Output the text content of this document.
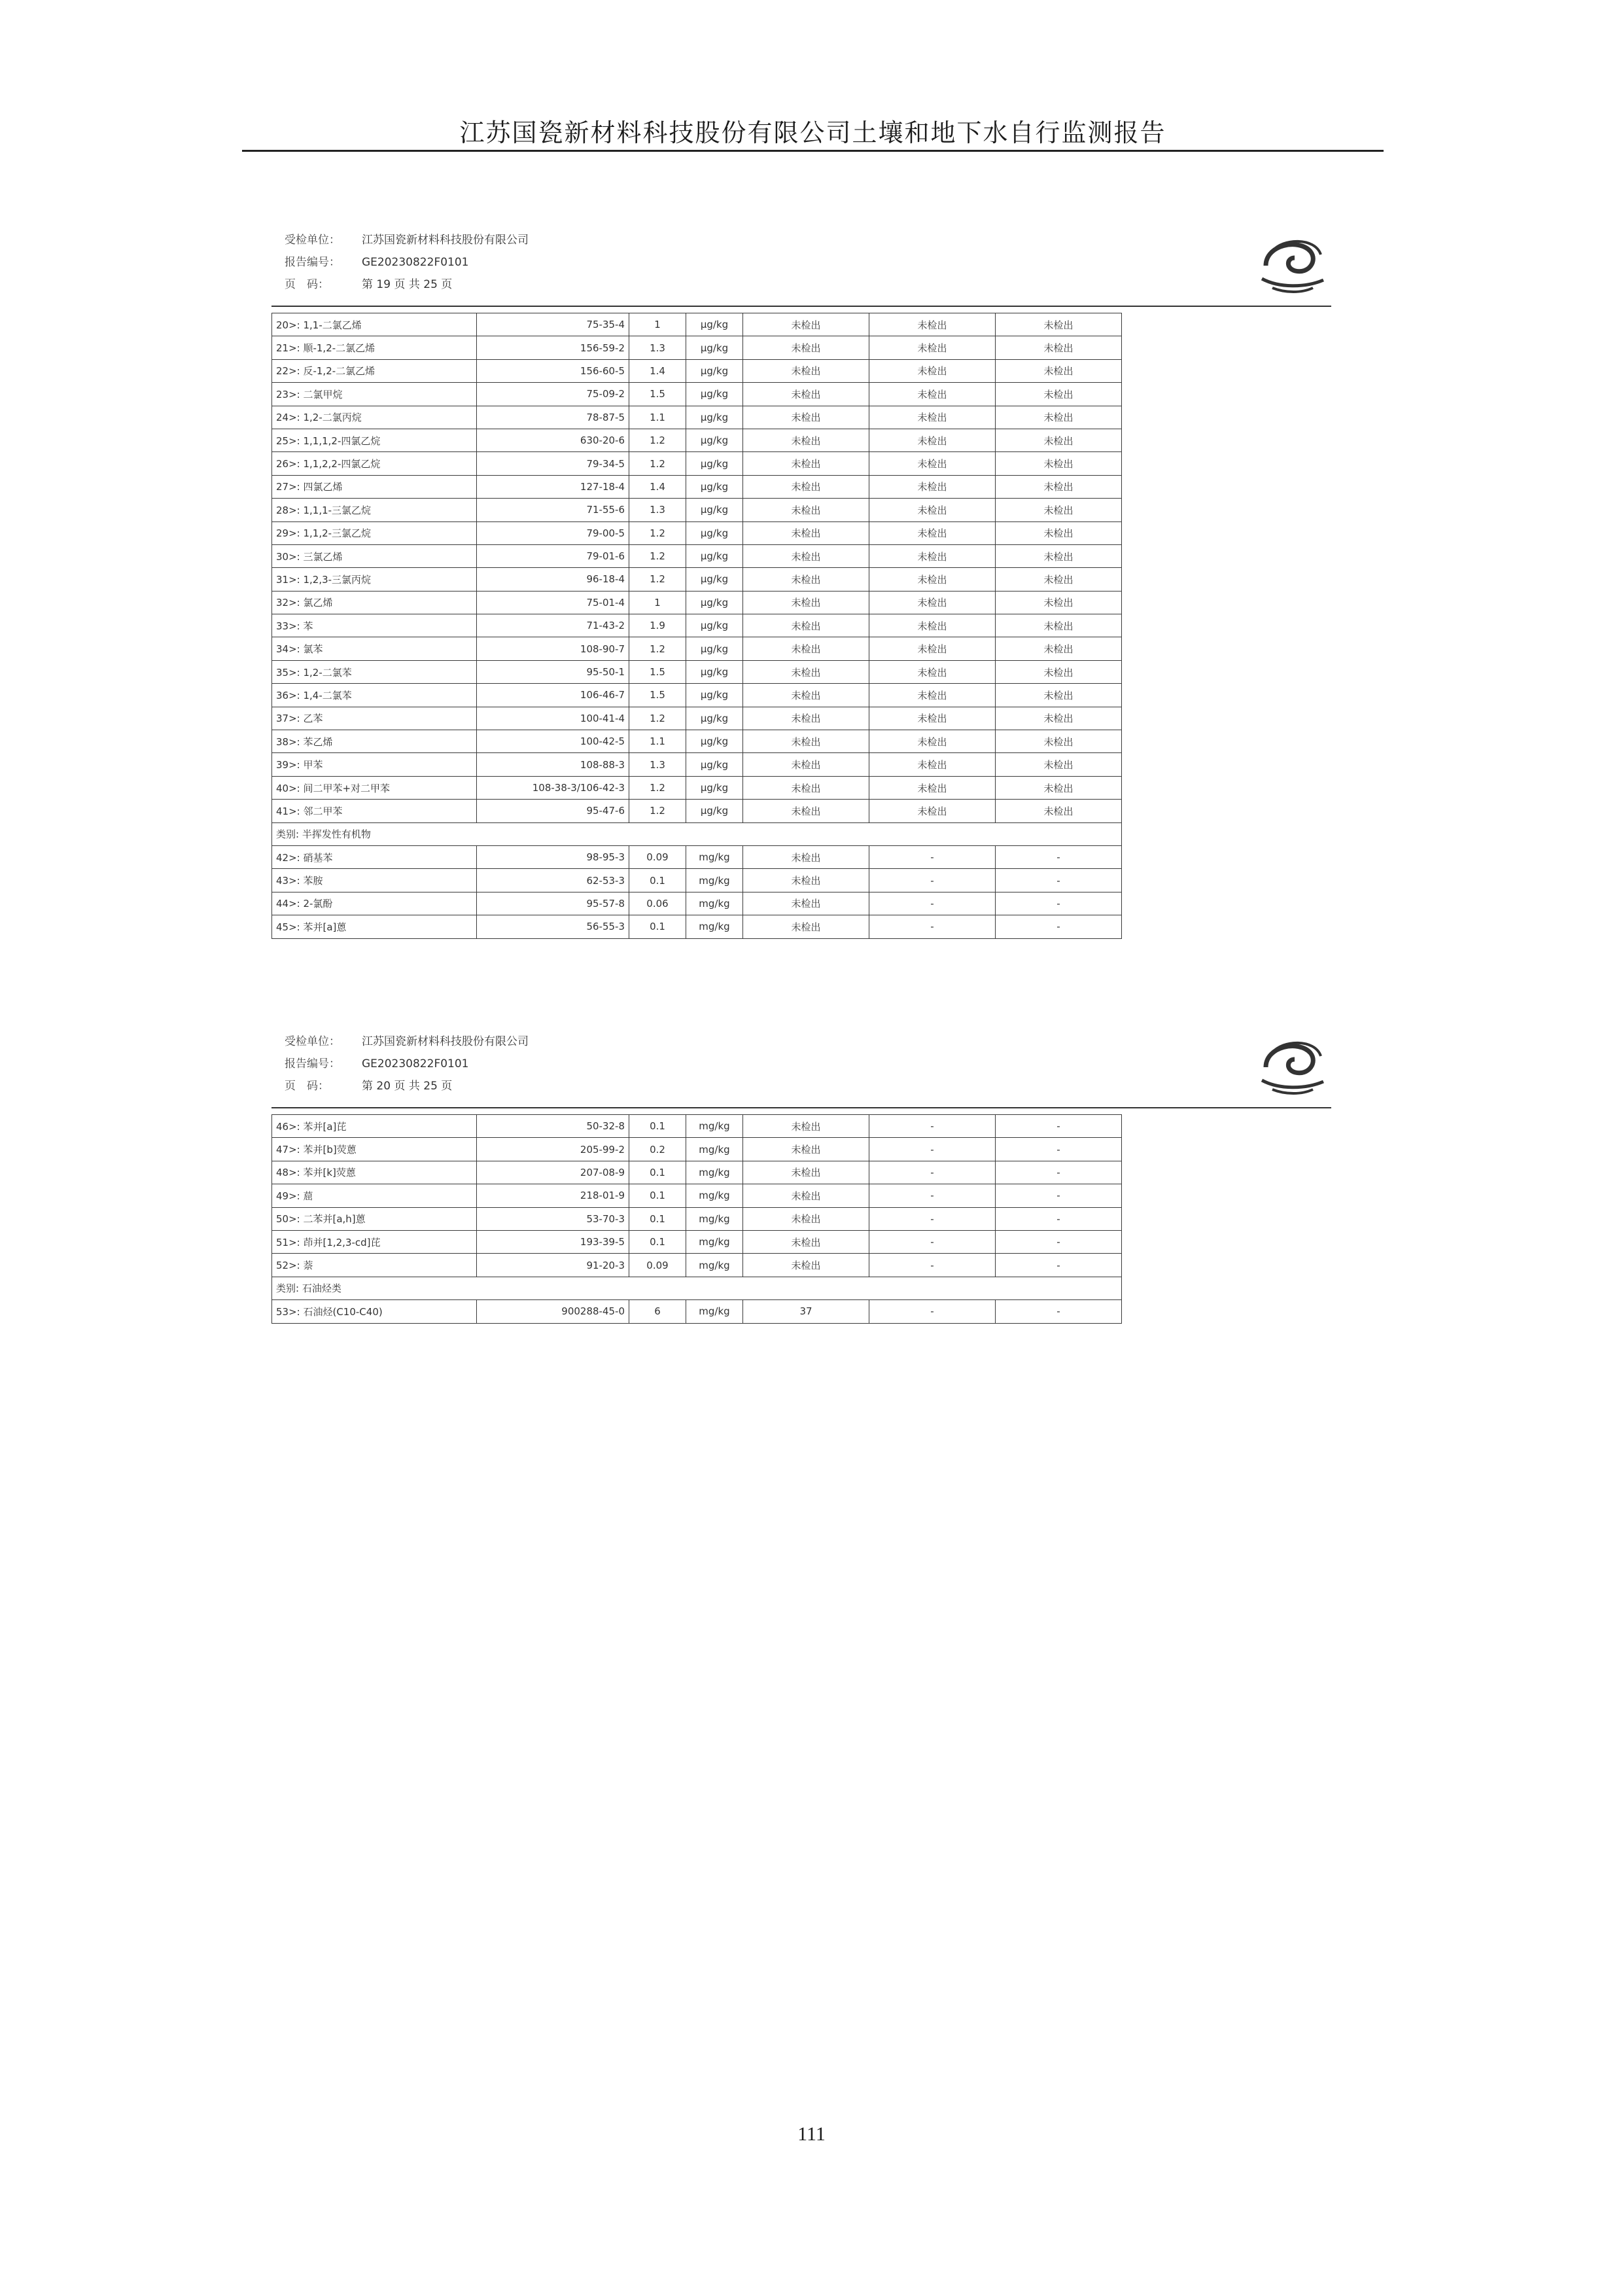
江苏国瓷新材料科技股份有限公司土壤和地下水自行监测报告
受检单位： 江苏国瓷新材料科技股份有限公司
报告编号： GE20230822F0101
页　码：	第 19 页 共 25 页
20>: 1,1-二氯乙烯	75-35-4	1	μg/kg	未检出	未检出	未检出
21>: 顺-1,2-二氯乙烯	156-59-2	1.3	μg/kg	未检出	未检出	未检出
22>: 反-1,2-二氯乙烯	156-60-5	1.4	μg/kg	未检出	未检出	未检出
23>: 二氯甲烷	75-09-2	1.5	μg/kg	未检出	未检出	未检出
24>: 1,2-二氯丙烷	78-87-5	1.1	μg/kg	未检出	未检出	未检出
25>: 1,1,1,2-四氯乙烷	630-20-6	1.2	μg/kg	未检出	未检出	未检出
26>: 1,1,2,2-四氯乙烷	79-34-5	1.2	μg/kg	未检出	未检出	未检出
27>: 四氯乙烯	127-18-4	1.4	μg/kg	未检出	未检出	未检出
28>: 1,1,1-三氯乙烷	71-55-6	1.3	μg/kg	未检出	未检出	未检出
29>: 1,1,2-三氯乙烷	79-00-5	1.2	μg/kg	未检出	未检出	未检出
30>: 三氯乙烯	79-01-6	1.2	μg/kg	未检出	未检出	未检出
31>: 1,2,3-三氯丙烷	96-18-4	1.2	μg/kg	未检出	未检出	未检出
32>: 氯乙烯	75-01-4	1	μg/kg	未检出	未检出	未检出
33>: 苯	71-43-2	1.9	μg/kg	未检出	未检出	未检出
34>: 氯苯	108-90-7	1.2	μg/kg	未检出	未检出	未检出
35>: 1,2-二氯苯	95-50-1	1.5	μg/kg	未检出	未检出	未检出
36>: 1,4-二氯苯	106-46-7	1.5	μg/kg	未检出	未检出	未检出
37>: 乙苯	100-41-4	1.2	μg/kg	未检出	未检出	未检出
38>: 苯乙烯	100-42-5	1.1	μg/kg	未检出	未检出	未检出
39>: 甲苯	108-88-3	1.3	μg/kg	未检出	未检出	未检出
40>: 间二甲苯+对二甲苯	108-38-3/106-42-3	1.2	μg/kg	未检出	未检出	未检出
41>: 邻二甲苯	95-47-6	1.2	μg/kg	未检出	未检出	未检出
类别: 半挥发性有机物						
42>: 硝基苯	98-95-3	0.09	mg/kg	未检出	-	-
43>: 苯胺	62-53-3	0.1	mg/kg	未检出	-	-
44>: 2-氯酚	95-57-8	0.06	mg/kg	未检出	-	-
45>: 苯并[a]蒽	56-55-3	0.1	mg/kg	未检出	-	-
受检单位： 江苏国瓷新材料科技股份有限公司
报告编号： GE20230822F0101
页　码：	第 20 页 共 25 页
46>: 苯并[a]芘	50-32-8	0.1	mg/kg	未检出	-	-
47>: 苯并[b]荧蒽	205-99-2	0.2	mg/kg	未检出	-	-
48>: 苯并[k]荧蒽	207-08-9	0.1	mg/kg	未检出	-	-
49>: 䓛	218-01-9	0.1	mg/kg	未检出	-	-
50>: 二苯并[a,h]蒽	53-70-3	0.1	mg/kg	未检出	-	-
51>: 茚并[1,2,3-cd]芘	193-39-5	0.1	mg/kg	未检出	-	-
52>: 萘	91-20-3	0.09	mg/kg	未检出	-	-
类别: 石油烃类						
53>: 石油烃(C10-C40)	900288-45-0	6	mg/kg	37	-	-
111
